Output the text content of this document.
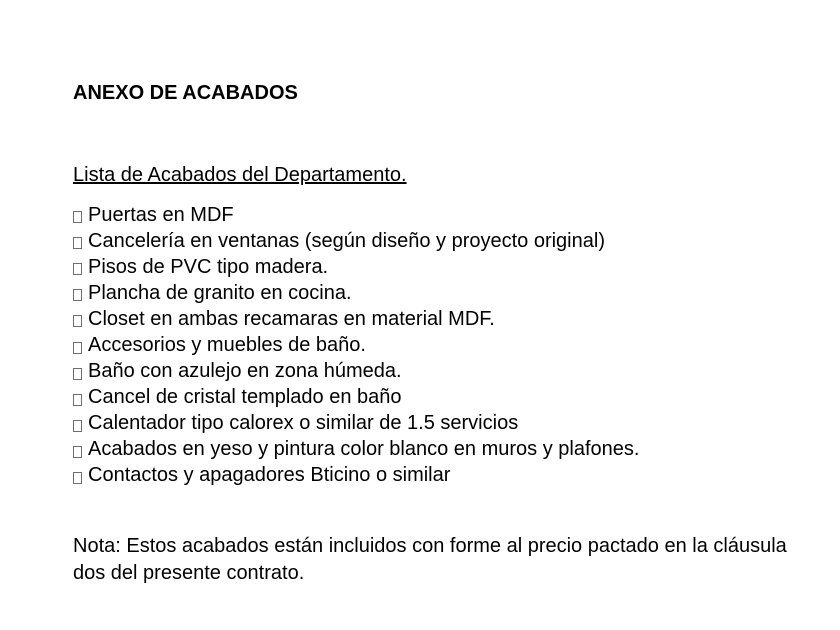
ANEXO DE ACABADOS

Lista de Acabados del Departamento.

Puertas en MDF
Cancelería en ventanas (según diseño y proyecto original)
Pisos de PVC tipo madera.
Plancha de granito en cocina.
Closet en ambas recamaras en material MDF.
Accesorios y muebles de baño.
Baño con azulejo en zona húmeda.
Cancel de cristal templado en baño
Calentador tipo calorex o similar de 1.5 servicios
Acabados en yeso y pintura color blanco en muros y plafones.
Contactos y apagadores Bticino o similar

Nota: Estos acabados están incluidos con forme al precio pactado en la cláusula dos del presente contrato.
